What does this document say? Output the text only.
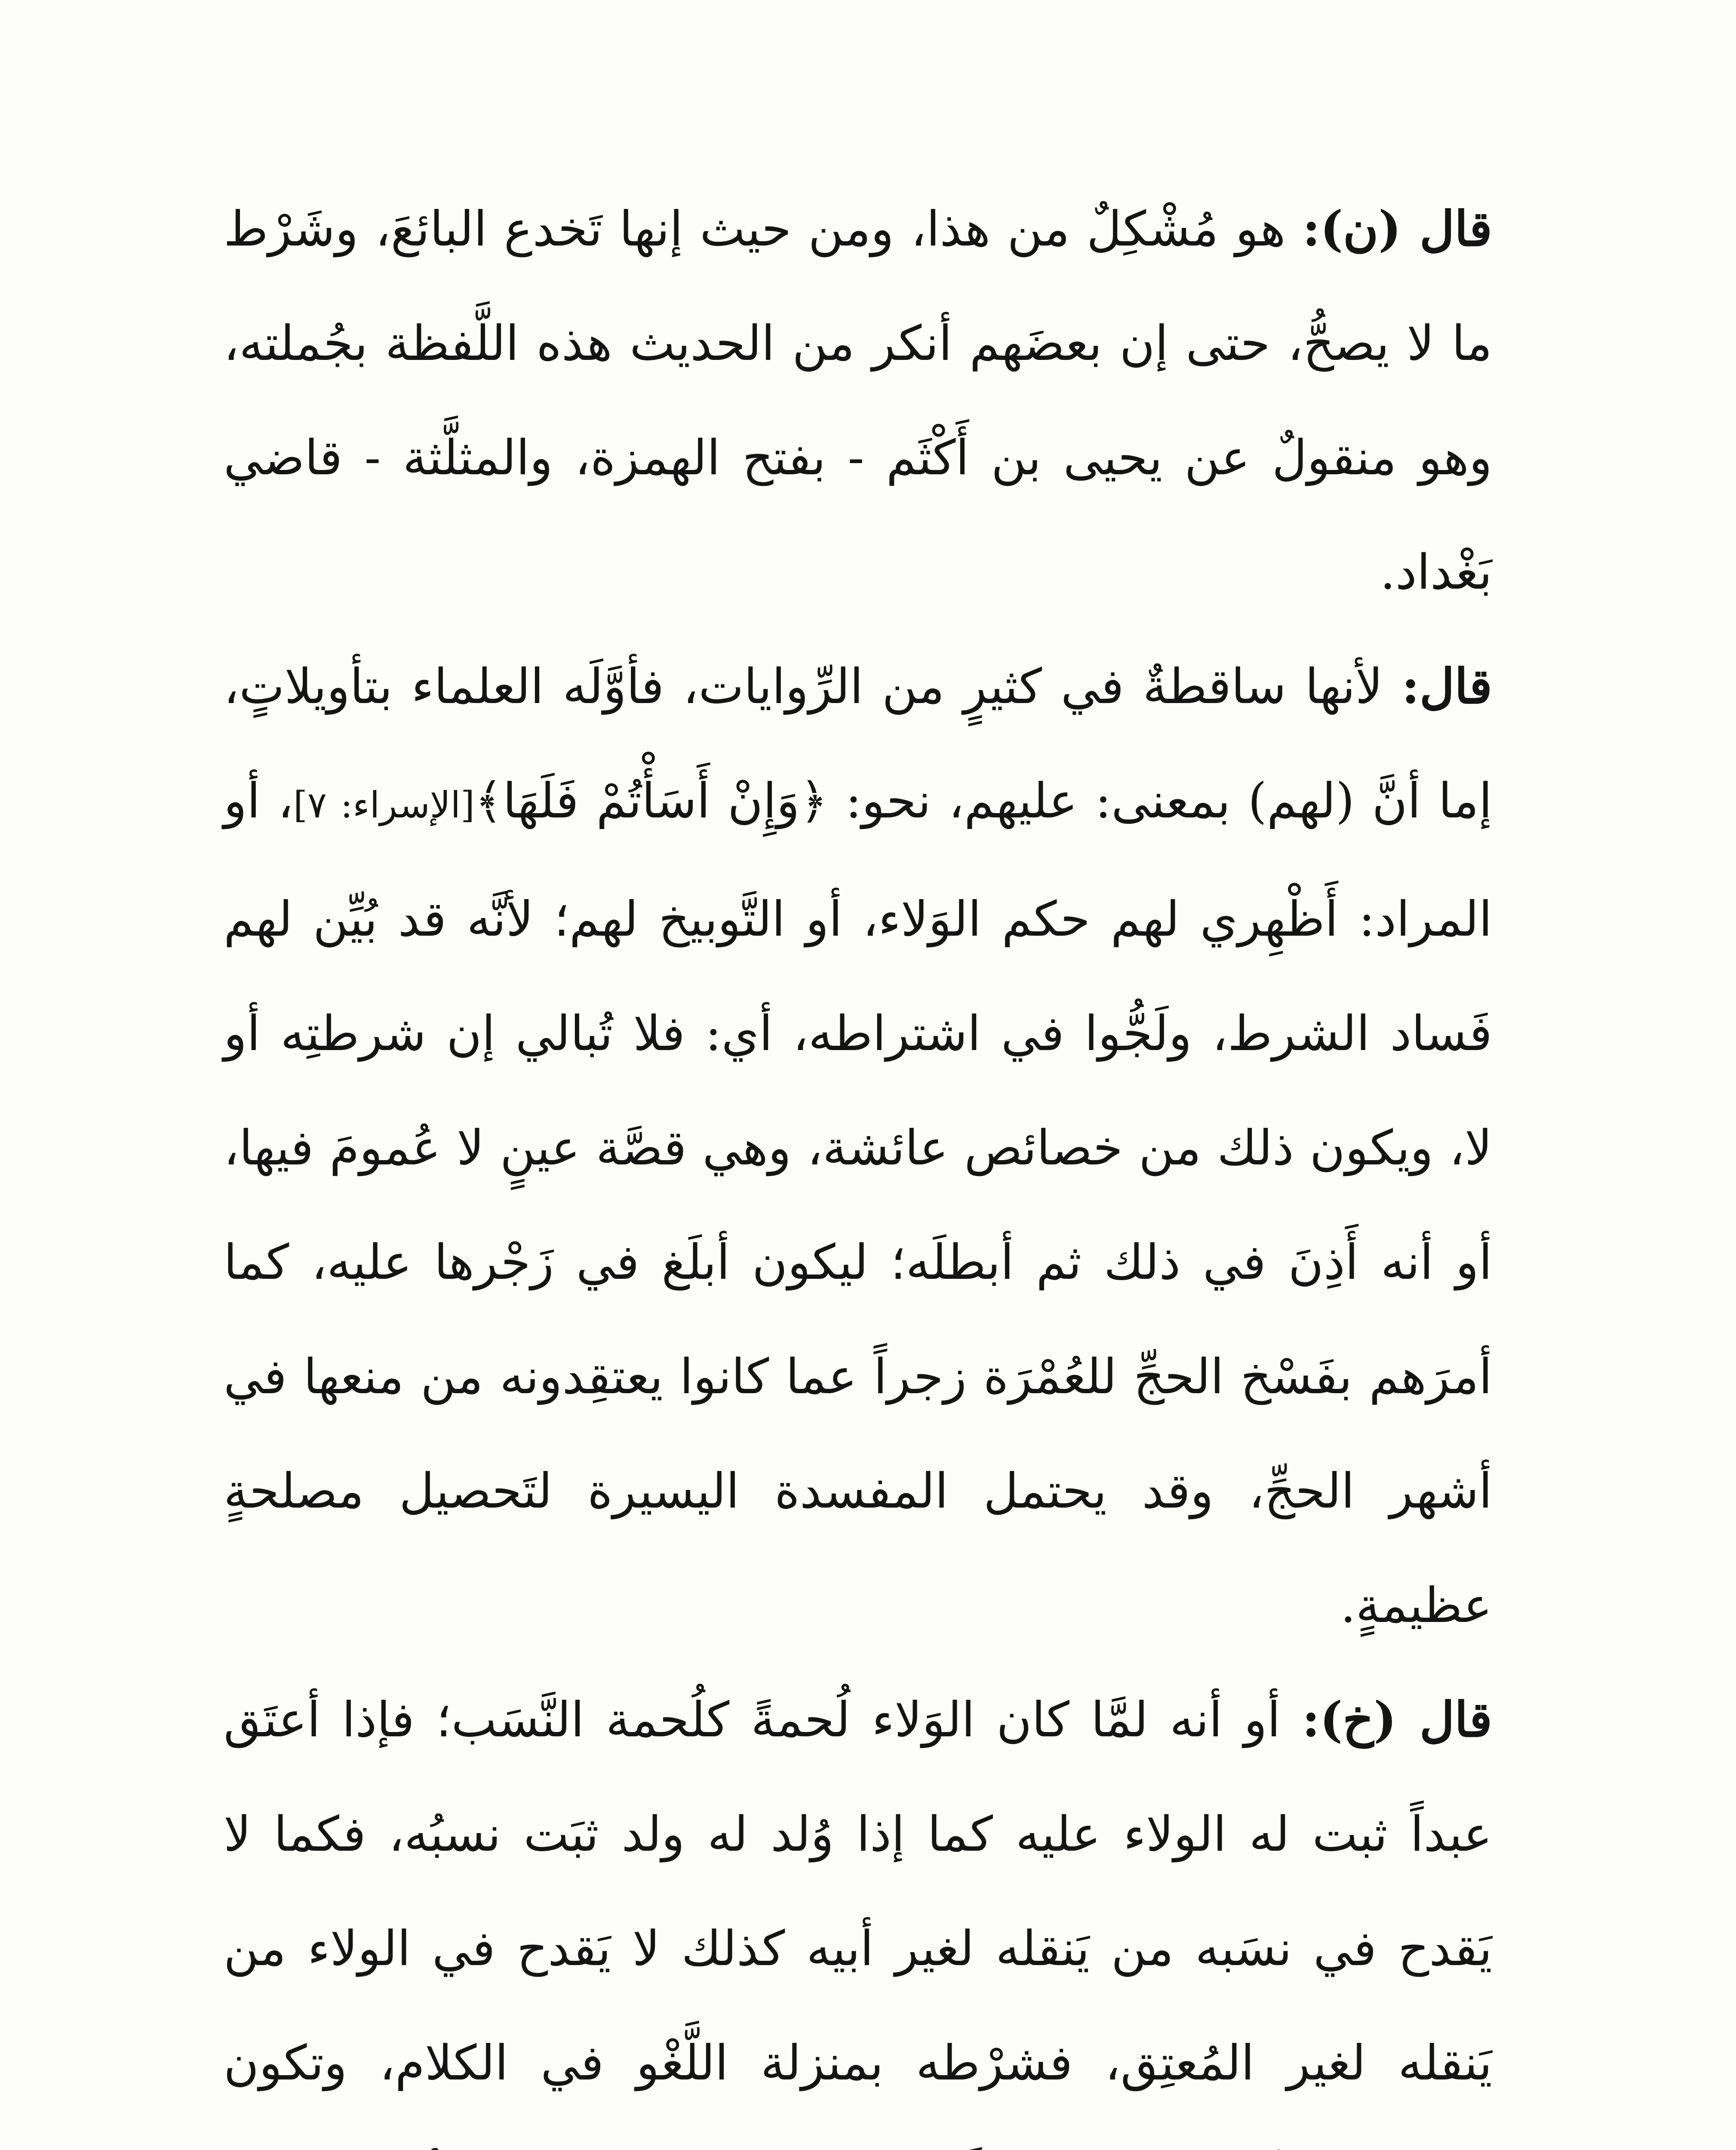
قال (ن): هو مُشْكِلٌ من هذا، ومن حيث إنها تَخدع البائعَ، وشَرْط ما لا يصحُّ، حتى إن بعضَهم أنكر من الحديث هذه اللَّفظة بجُملته، وهو منقولٌ عن يحيى بن أَكْثَم - بفتح الهمزة، والمثلَّثة - قاضي بَغْداد.

قال: لأنها ساقطةٌ في كثيرٍ من الرِّوايات، فأوَّلَه العلماء بتأويلاتٍ، إما أنَّ (لهم) بمعنى: عليهم، نحو: ﴿وَإِنْ أَسَأْتُمْ فَلَهَا﴾[الإسراء: ٧]، أو المراد: أَظْهِري لهم حكم الوَلاء، أو التَّوبيخ لهم؛ لأنَّه قد بُيِّن لهم فَساد الشرط، ولَجُّوا في اشتراطه، أي: فلا تُبالي إن شرطتِه أو لا، ويكون ذلك من خصائص عائشة، وهي قصَّة عينٍ لا عُمومَ فيها، أو أنه أَذِنَ في ذلك ثم أبطلَه؛ ليكون أبلَغ في زَجْرها عليه، كما أمرَهم بفَسْخ الحجِّ للعُمْرَة زجراً عما كانوا يعتقِدونه من منعها في أشهر الحجِّ، وقد يحتمل المفسدة اليسيرة لتَحصيل مصلحةٍ عظيمةٍ.

قال (خ): أو أنه لمَّا كان الوَلاء لُحمةً كلُحمة النَّسَب؛ فإذا أعتَق عبداً ثبت له الولاء عليه كما إذا وُلد له ولد ثبَت نسبُه، فكما لا يَقدح في نسَبه من يَنقله لغير أبيه كذلك لا يَقدح في الولاء من يَنقله لغير المُعتِق، فشرْطه بمنزلة اللَّغْو في الكلام، وتكون
